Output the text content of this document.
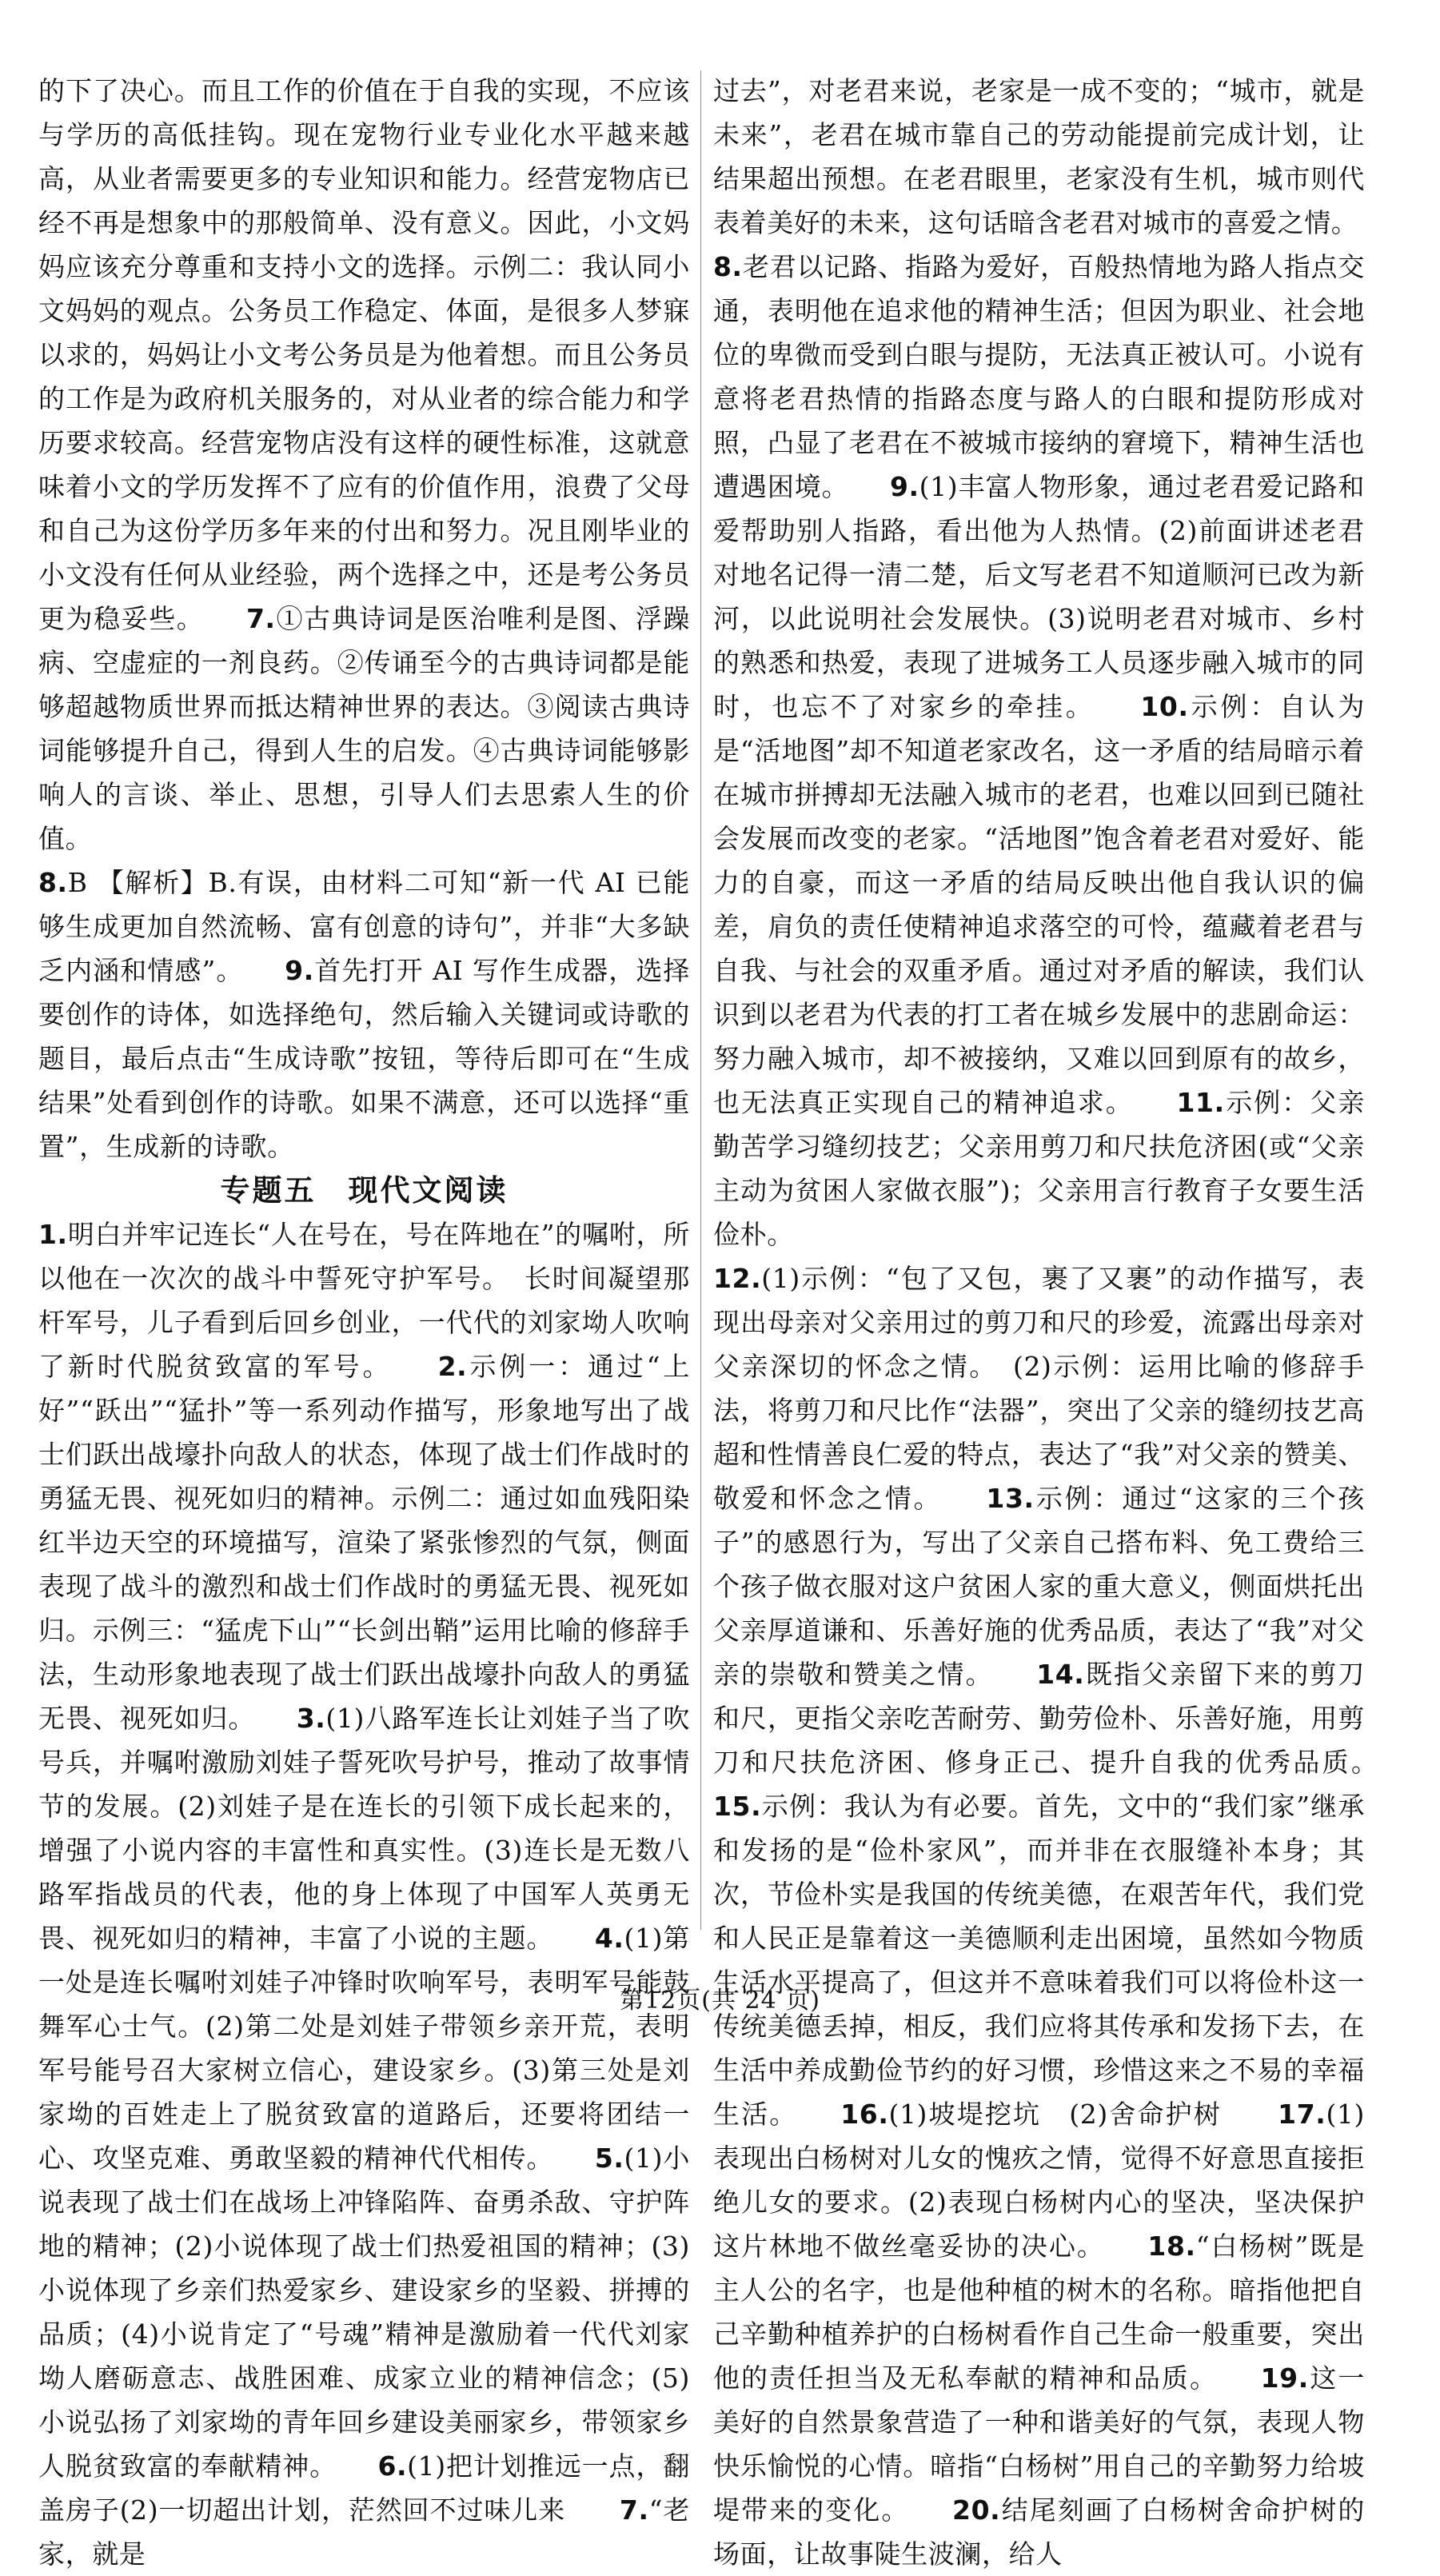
的下了决心。而且工作的价值在于自我的实现，不应该与学历的高低挂钩。现在宠物行业专业化水平越来越高，从业者需要更多的专业知识和能力。经营宠物店已经不再是想象中的那般简单、没有意义。因此，小文妈妈应该充分尊重和支持小文的选择。示例二：我认同小文妈妈的观点。公务员工作稳定、体面，是很多人梦寐以求的，妈妈让小文考公务员是为他着想。而且公务员的工作是为政府机关服务的，对从业者的综合能力和学历要求较高。经营宠物店没有这样的硬性标准，这就意味着小文的学历发挥不了应有的价值作用，浪费了父母和自己为这份学历多年来的付出和努力。况且刚毕业的小文没有任何从业经验，两个选择之中，还是考公务员更为稳妥些。　　 7.①古典诗词是医治唯利是图、浮躁病、空虚症的一剂良药。②传诵至今的古典诗词都是能够超越物质世界而抵达精神世界的表达。③阅读古典诗词能够提升自己，得到人生的启发。④古典诗词能够影响人的言谈、举止、思想，引导人们去思索人生的价值。

8.B 【解析】B.有误，由材料二可知“新一代 AI 已能够生成更加自然流畅、富有创意的诗句”，并非“大多缺乏内涵和情感”。　　 9.首先打开 AI 写作生成器，选择要创作的诗体，如选择绝句，然后输入关键词或诗歌的题目，最后点击“生成诗歌”按钮，等待后即可在“生成结果”处看到创作的诗歌。如果不满意，还可以选择“重置”，生成新的诗歌。

专题五　现代文阅读

1.明白并牢记连长“人在号在，号在阵地在”的嘱咐，所以他在一次次的战斗中誓死守护军号。　长时间凝望那杆军号，儿子看到后回乡创业，一代代的刘家坳人吹响了新时代脱贫致富的军号。　　 2.示例一：通过“上好”“跃出”“猛扑”等一系列动作描写，形象地写出了战士们跃出战壕扑向敌人的状态，体现了战士们作战时的勇猛无畏、视死如归的精神。示例二：通过如血残阳染红半边天空的环境描写，渲染了紧张惨烈的气氛，侧面表现了战斗的激烈和战士们作战时的勇猛无畏、视死如归。示例三：“猛虎下山”“长剑出鞘”运用比喻的修辞手法，生动形象地表现了战士们跃出战壕扑向敌人的勇猛无畏、视死如归。　　 3.(1)八路军连长让刘娃子当了吹号兵，并嘱咐激励刘娃子誓死吹号护号，推动了故事情节的发展。(2)刘娃子是在连长的引领下成长起来的，增强了小说内容的丰富性和真实性。(3)连长是无数八路军指战员的代表，他的身上体现了中国军人英勇无畏、视死如归的精神，丰富了小说的主题。　　 4.(1)第一处是连长嘱咐刘娃子冲锋时吹响军号，表明军号能鼓舞军心士气。(2)第二处是刘娃子带领乡亲开荒，表明军号能号召大家树立信心，建设家乡。(3)第三处是刘家坳的百姓走上了脱贫致富的道路后，还要将团结一心、攻坚克难、勇敢坚毅的精神代代相传。　　 5.(1)小说表现了战士们在战场上冲锋陷阵、奋勇杀敌、守护阵地的精神；(2)小说体现了战士们热爱祖国的精神；(3)小说体现了乡亲们热爱家乡、建设家乡的坚毅、拼搏的品质；(4)小说肯定了“号魂”精神是激励着一代代刘家坳人磨砺意志、战胜困难、成家立业的精神信念；(5)小说弘扬了刘家坳的青年回乡建设美丽家乡，带领家乡人脱贫致富的奉献精神。　　 6.(1)把计划推远一点，翻盖房子(2)一切超出计划，茫然回不过味儿来　　 7.“老家，就是

过去”，对老君来说，老家是一成不变的；“城市，就是未来”，老君在城市靠自己的劳动能提前完成计划，让结果超出预想。在老君眼里，老家没有生机，城市则代表着美好的未来，这句话暗含老君对城市的喜爱之情。

8.老君以记路、指路为爱好，百般热情地为路人指点交通，表明他在追求他的精神生活；但因为职业、社会地位的卑微而受到白眼与提防，无法真正被认可。小说有意将老君热情的指路态度与路人的白眼和提防形成对照，凸显了老君在不被城市接纳的窘境下，精神生活也遭遇困境。　　 9.(1)丰富人物形象，通过老君爱记路和爱帮助别人指路，看出他为人热情。(2)前面讲述老君对地名记得一清二楚，后文写老君不知道顺河已改为新河，以此说明社会发展快。(3)说明老君对城市、乡村的熟悉和热爱，表现了进城务工人员逐步融入城市的同时，也忘不了对家乡的牵挂。　　 10.示例：自认为是“活地图”却不知道老家改名，这一矛盾的结局暗示着在城市拼搏却无法融入城市的老君，也难以回到已随社会发展而改变的老家。“活地图”饱含着老君对爱好、能力的自豪，而这一矛盾的结局反映出他自我认识的偏差，肩负的责任使精神追求落空的可怜，蕴藏着老君与自我、与社会的双重矛盾。通过对矛盾的解读，我们认识到以老君为代表的打工者在城乡发展中的悲剧命运：努力融入城市，却不被接纳，又难以回到原有的故乡，也无法真正实现自己的精神追求。　　 11.示例：父亲勤苦学习缝纫技艺；父亲用剪刀和尺扶危济困(或“父亲主动为贫困人家做衣服”)；父亲用言行教育子女要生活俭朴。

12.(1)示例：“包了又包，裹了又裹”的动作描写，表现出母亲对父亲用过的剪刀和尺的珍爱，流露出母亲对父亲深切的怀念之情。　(2)示例：运用比喻的修辞手法，将剪刀和尺比作“法器”，突出了父亲的缝纫技艺高超和性情善良仁爱的特点，表达了“我”对父亲的赞美、敬爱和怀念之情。　　 13.示例：通过“这家的三个孩子”的感恩行为，写出了父亲自己搭布料、免工费给三个孩子做衣服对这户贫困人家的重大意义，侧面烘托出父亲厚道谦和、乐善好施的优秀品质，表达了“我”对父亲的崇敬和赞美之情。　　 14.既指父亲留下来的剪刀和尺，更指父亲吃苦耐劳、勤劳俭朴、乐善好施，用剪刀和尺扶危济困、修身正己、提升自我的优秀品质。　　15.示例：我认为有必要。首先，文中的“我们家”继承和发扬的是“俭朴家风”，而并非在衣服缝补本身；其次，节俭朴实是我国的传统美德，在艰苦年代，我们党和人民正是靠着这一美德顺利走出困境，虽然如今物质生活水平提高了，但这并不意味着我们可以将俭朴这一传统美德丢掉，相反，我们应将其传承和发扬下去，在生活中养成勤俭节约的好习惯，珍惜这来之不易的幸福生活。　　 16.(1)坡堤挖坑　(2)舍命护树　　 17.(1)表现出白杨树对儿女的愧疚之情，觉得不好意思直接拒绝儿女的要求。(2)表现白杨树内心的坚决，坚决保护这片林地不做丝毫妥协的决心。　　 18.“白杨树”既是主人公的名字，也是他种植的树木的名称。暗指他把自己辛勤种植养护的白杨树看作自己生命一般重要，突出他的责任担当及无私奉献的精神和品质。　　 19.这一美好的自然景象营造了一种和谐美好的气氛，表现人物快乐愉悦的心情。暗指“白杨树”用自己的辛勤努力给坡堤带来的变化。　　 20.结尾刻画了白杨树舍命护树的场面，让故事陡生波澜，给人

第12页(共 24 页)
